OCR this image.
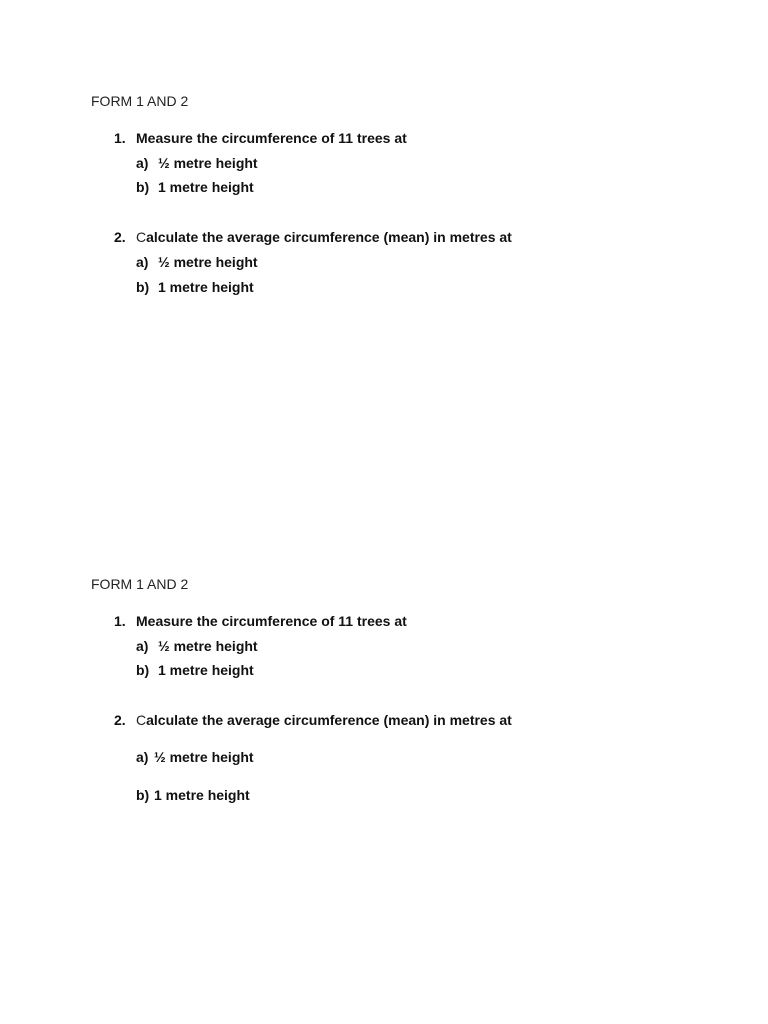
FORM 1 AND 2
1. Measure the circumference of 11 trees at
a) ½ metre height
b) 1 metre height
2. Calculate the average circumference (mean) in metres at
a) ½ metre height
b) 1 metre height
FORM 1 AND 2
1. Measure the circumference of 11 trees at
a) ½ metre height
b) 1 metre height
2. Calculate the average circumference (mean) in metres at
a) ½ metre height
b) 1 metre height
